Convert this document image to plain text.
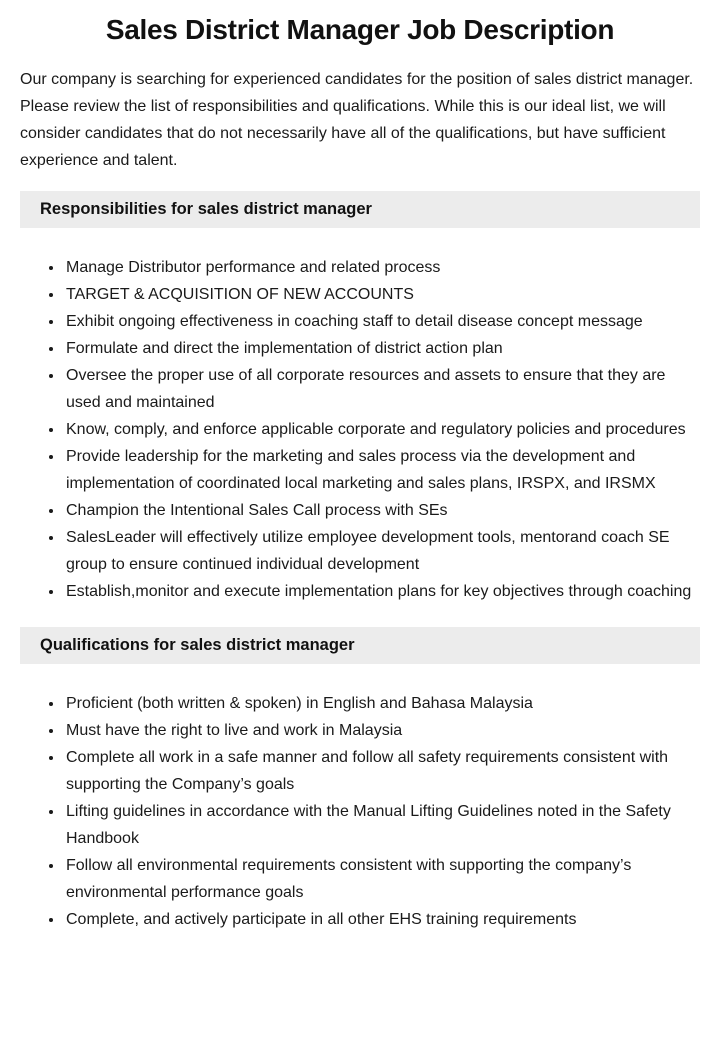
Sales District Manager Job Description

Our company is searching for experienced candidates for the position of sales district manager. Please review the list of responsibilities and qualifications. While this is our ideal list, we will consider candidates that do not necessarily have all of the qualifications, but have sufficient experience and talent.

Responsibilities for sales district manager
• Manage Distributor performance and related process
• TARGET & ACQUISITION OF NEW ACCOUNTS
• Exhibit ongoing effectiveness in coaching staff to detail disease concept message
• Formulate and direct the implementation of district action plan
• Oversee the proper use of all corporate resources and assets to ensure that they are used and maintained
• Know, comply, and enforce applicable corporate and regulatory policies and procedures
• Provide leadership for the marketing and sales process via the development and implementation of coordinated local marketing and sales plans, IRSPX, and IRSMX
• Champion the Intentional Sales Call process with SEs
• SalesLeader will effectively utilize employee development tools, mentorand coach SE group to ensure continued individual development
• Establish,monitor and execute implementation plans for key objectives through coaching
Qualifications for sales district manager
• Proficient (both written & spoken) in English and Bahasa Malaysia
• Must have the right to live and work in Malaysia
• Complete all work in a safe manner and follow all safety requirements consistent with supporting the Company’s goals
• Lifting guidelines in accordance with the Manual Lifting Guidelines noted in the Safety Handbook
• Follow all environmental requirements consistent with supporting the company’s environmental performance goals
• Complete, and actively participate in all other EHS training requirements
